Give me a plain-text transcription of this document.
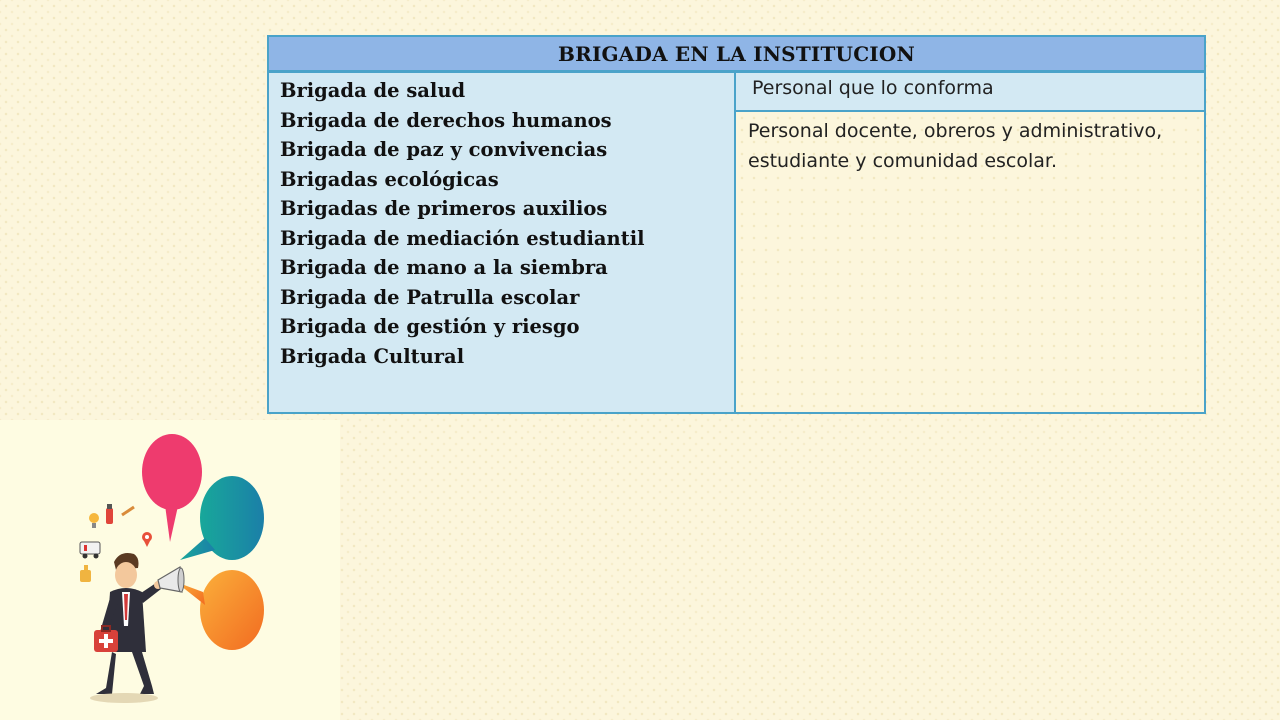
BRIGADA EN LA INSTITUCION
Brigada de salud
Brigada de derechos humanos
Brigada de paz y convivencias
Brigadas ecológicas
Brigadas de primeros auxilios
Brigada de mediación estudiantil
Brigada de mano a la siembra
Brigada de Patrulla escolar
Brigada de gestión y riesgo
Brigada Cultural
Personal que lo conforma
Personal docente, obreros y administrativo,
estudiante y comunidad escolar.
